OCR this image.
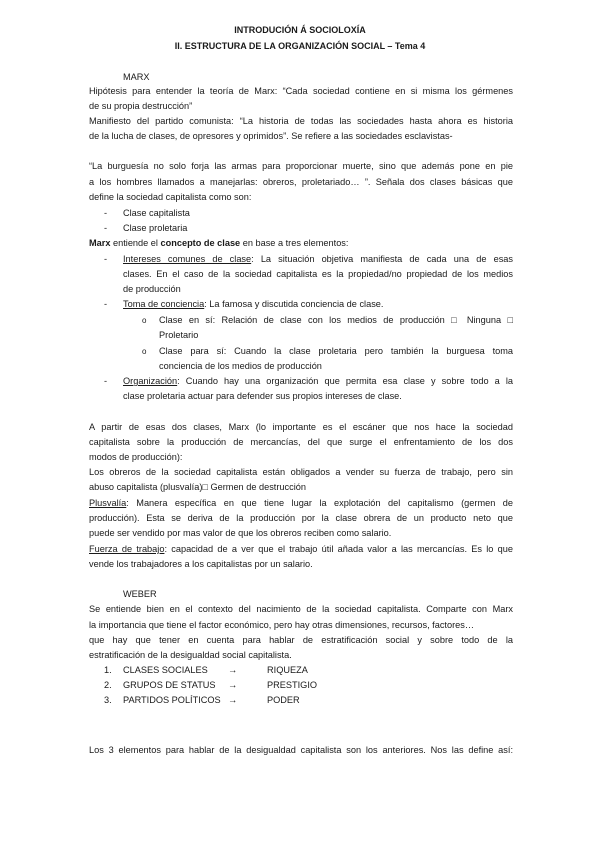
INTRODUCIÓN Á SOCIOLOXÍA
II. ESTRUCTURA DE LA ORGANIZACIÓN SOCIAL – Tema 4
MARX
Hipótesis para entender la teoría de Marx: “Cada sociedad contiene en si misma los gérmenes
de su propia destrucción”
Manifiesto del partido comunista: “La historia de todas las sociedades hasta ahora es historia
de la lucha de clases, de opresores y oprimidos”. Se refiere a las sociedades esclavistas-
“La burguesía no solo forja las armas para proporcionar muerte, sino que además pone en pie
a los hombres llamados a manejarlas: obreros, proletariado… ”. Señala dos clases básicas que
define la sociedad capitalista como son:
- Clase capitalista
- Clase proletaria
Marx entiende el concepto de clase en base a tres elementos:
- Intereses comunes de clase: La situación objetiva manifiesta de cada una de esas
clases. En el caso de la sociedad capitalista es la propiedad/no propiedad de los medios
de producción
- Toma de conciencia: La famosa y discutida conciencia de clase.
o Clase en sí: Relación de clase con los medios de producción □ Ninguna □
Proletario
o Clase para sí: Cuando la clase proletaria pero también la burguesa toma
conciencia de los medios de producción
- Organización: Cuando hay una organización que permita esa clase y sobre todo a la
clase proletaria actuar para defender sus propios intereses de clase.
A partir de esas dos clases, Marx (lo importante es el escáner que nos hace la sociedad
capitalista sobre la producción de mercancías, del que surge el enfrentamiento de los dos
modos de producción):
Los obreros de la sociedad capitalista están obligados a vender su fuerza de trabajo, pero sin
abuso capitalista (plusvalía)□ Germen de destrucción
Plusvalía: Manera específica en que tiene lugar la explotación del capitalismo (germen de
producción). Esta se deriva de la producción por la clase obrera de un producto neto que
puede ser vendido por mas valor de que los obreros reciben como salario.
Fuerza de trabajo: capacidad de a ver que el trabajo útil añada valor a las mercancías. Es lo que
vende los trabajadores a los capitalistas por un salario.
WEBER
Se entiende bien en el contexto del nacimiento de la sociedad capitalista. Comparte con Marx
la importancia que tiene el factor económico, pero hay otras dimensiones, recursos, factores…
que hay que tener en cuenta para hablar de estratificación social y sobre todo de la
estratificación de la desigualdad social capitalista.
1. CLASES SOCIALES →	RIQUEZA
2. GRUPOS DE STATUS →	PRESTIGIO
3. PARTIDOS POLÍTICOS →	PODER
Los 3 elementos para hablar de la desigualdad capitalista son los anteriores. Nos las define así:
